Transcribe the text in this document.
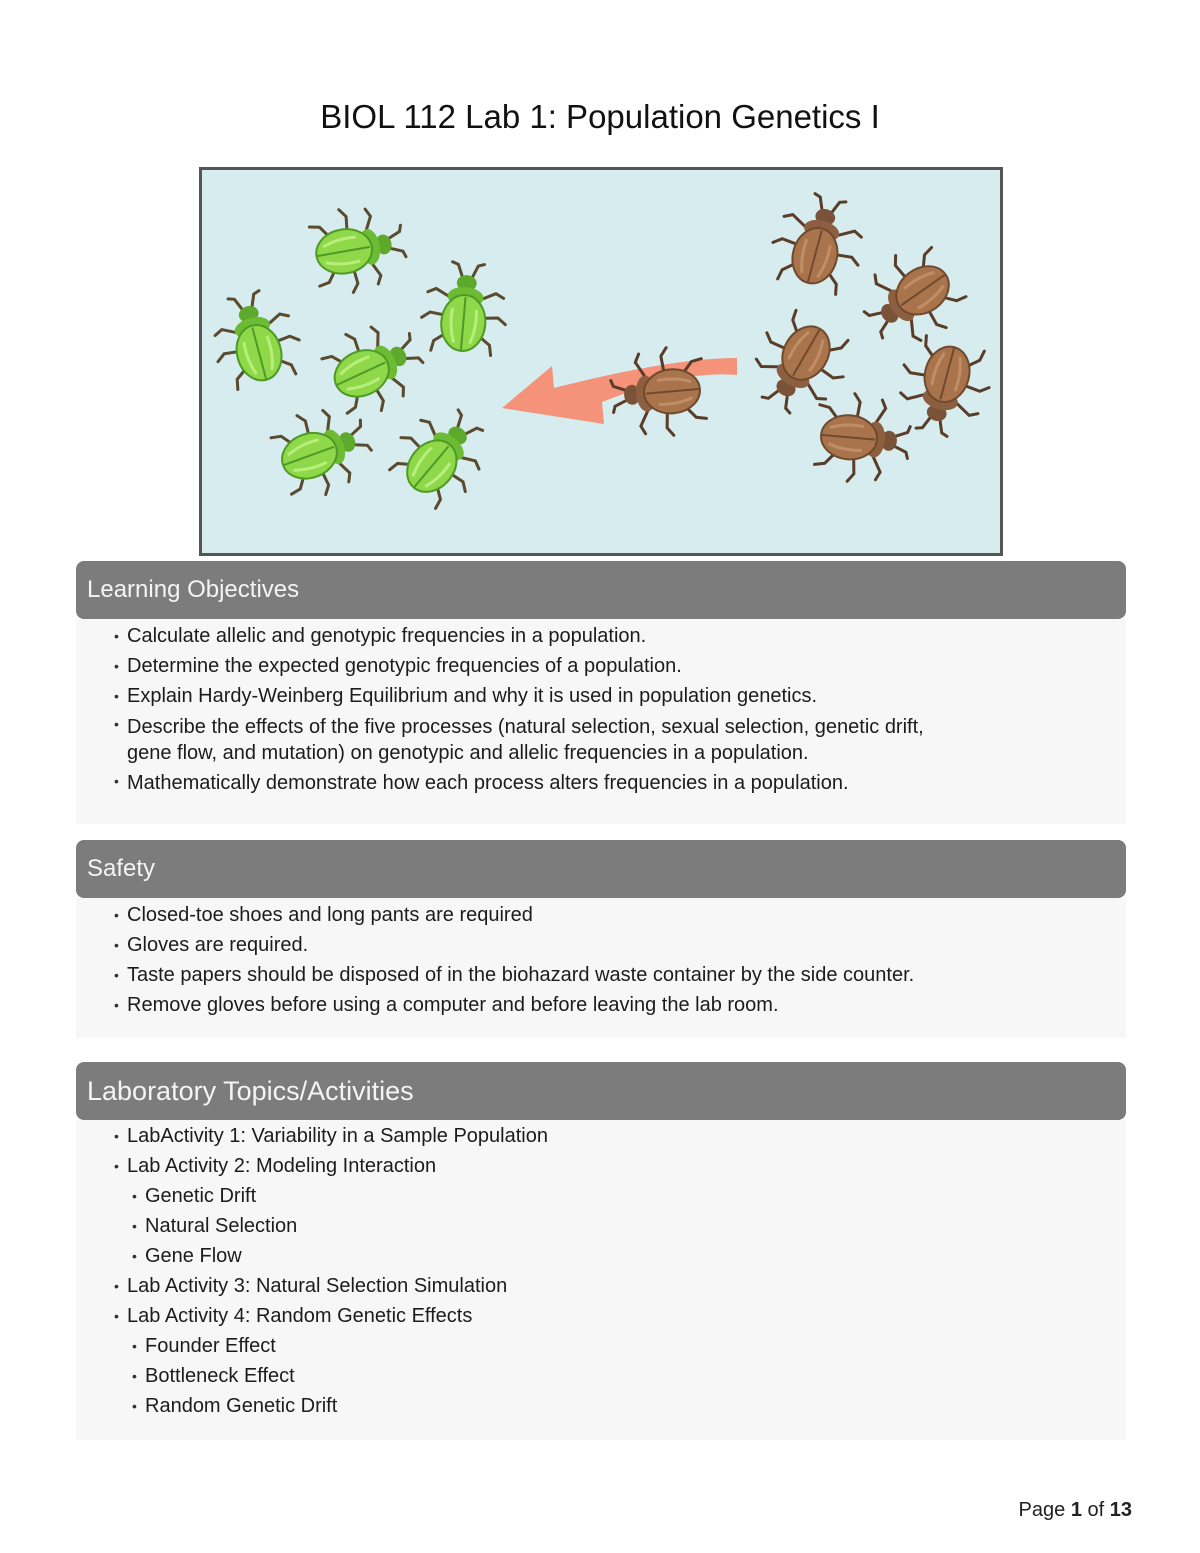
BIOL 112 Lab 1: Population Genetics I
Learning Objectives
• Calculate allelic and genotypic frequencies in a population.
• Determine the expected genotypic frequencies of a population.
• Explain Hardy-Weinberg Equilibrium and why it is used in population genetics.
• Describe the effects of the five processes (natural selection, sexual selection, genetic drift,
gene flow, and mutation) on genotypic and allelic frequencies in a population.
• Mathematically demonstrate how each process alters frequencies in a population.
Safety
• Closed-toe shoes and long pants are required
• Gloves are required.
• Taste papers should be disposed of in the biohazard waste container by the side counter.
• Remove gloves before using a computer and before leaving the lab room.
Laboratory Topics/Activities
• LabActivity 1: Variability in a Sample Population
• Lab Activity 2: Modeling Interaction
• Genetic Drift
• Natural Selection
• Gene Flow
• Lab Activity 3: Natural Selection Simulation
• Lab Activity 4: Random Genetic Effects
• Founder Effect
• Bottleneck Effect
• Random Genetic Drift
Page 1 of 13
